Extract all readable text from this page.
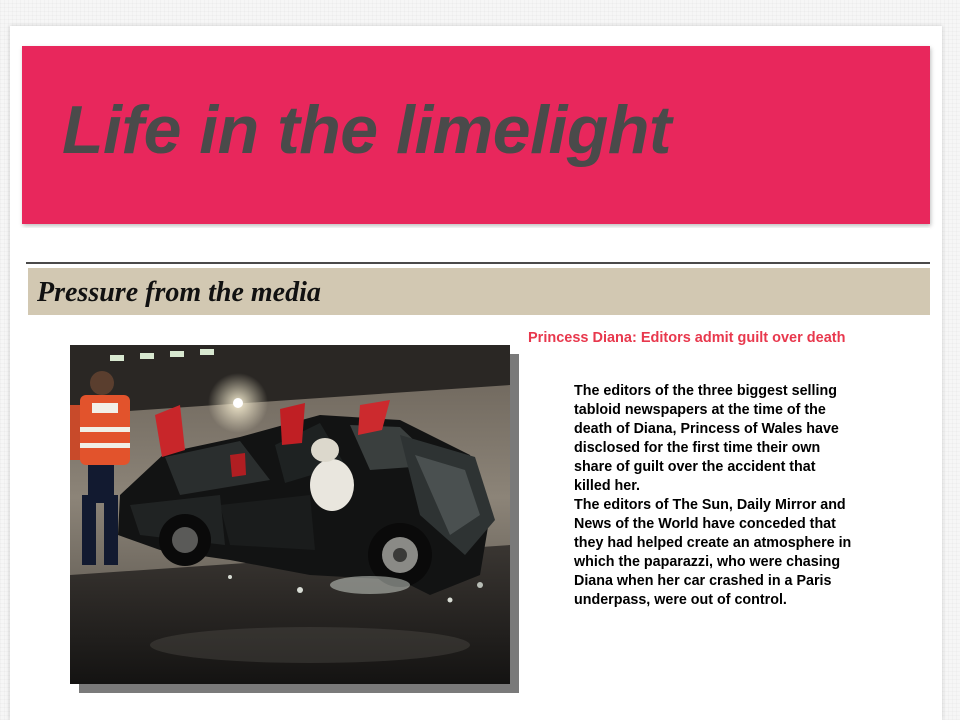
Life in the limelight
Pressure from the media
Princess Diana: Editors admit guilt over death

The editors of the three biggest selling tabloid newspapers at the time of the death of Diana, Princess of Wales have disclosed for the first time their own share of guilt over the accident that killed her.

The editors of The Sun, Daily Mirror and News of the World have conceded that they had helped create an atmosphere in which the paparazzi, who were chasing Diana when her car crashed in a Paris underpass, were out of control.
